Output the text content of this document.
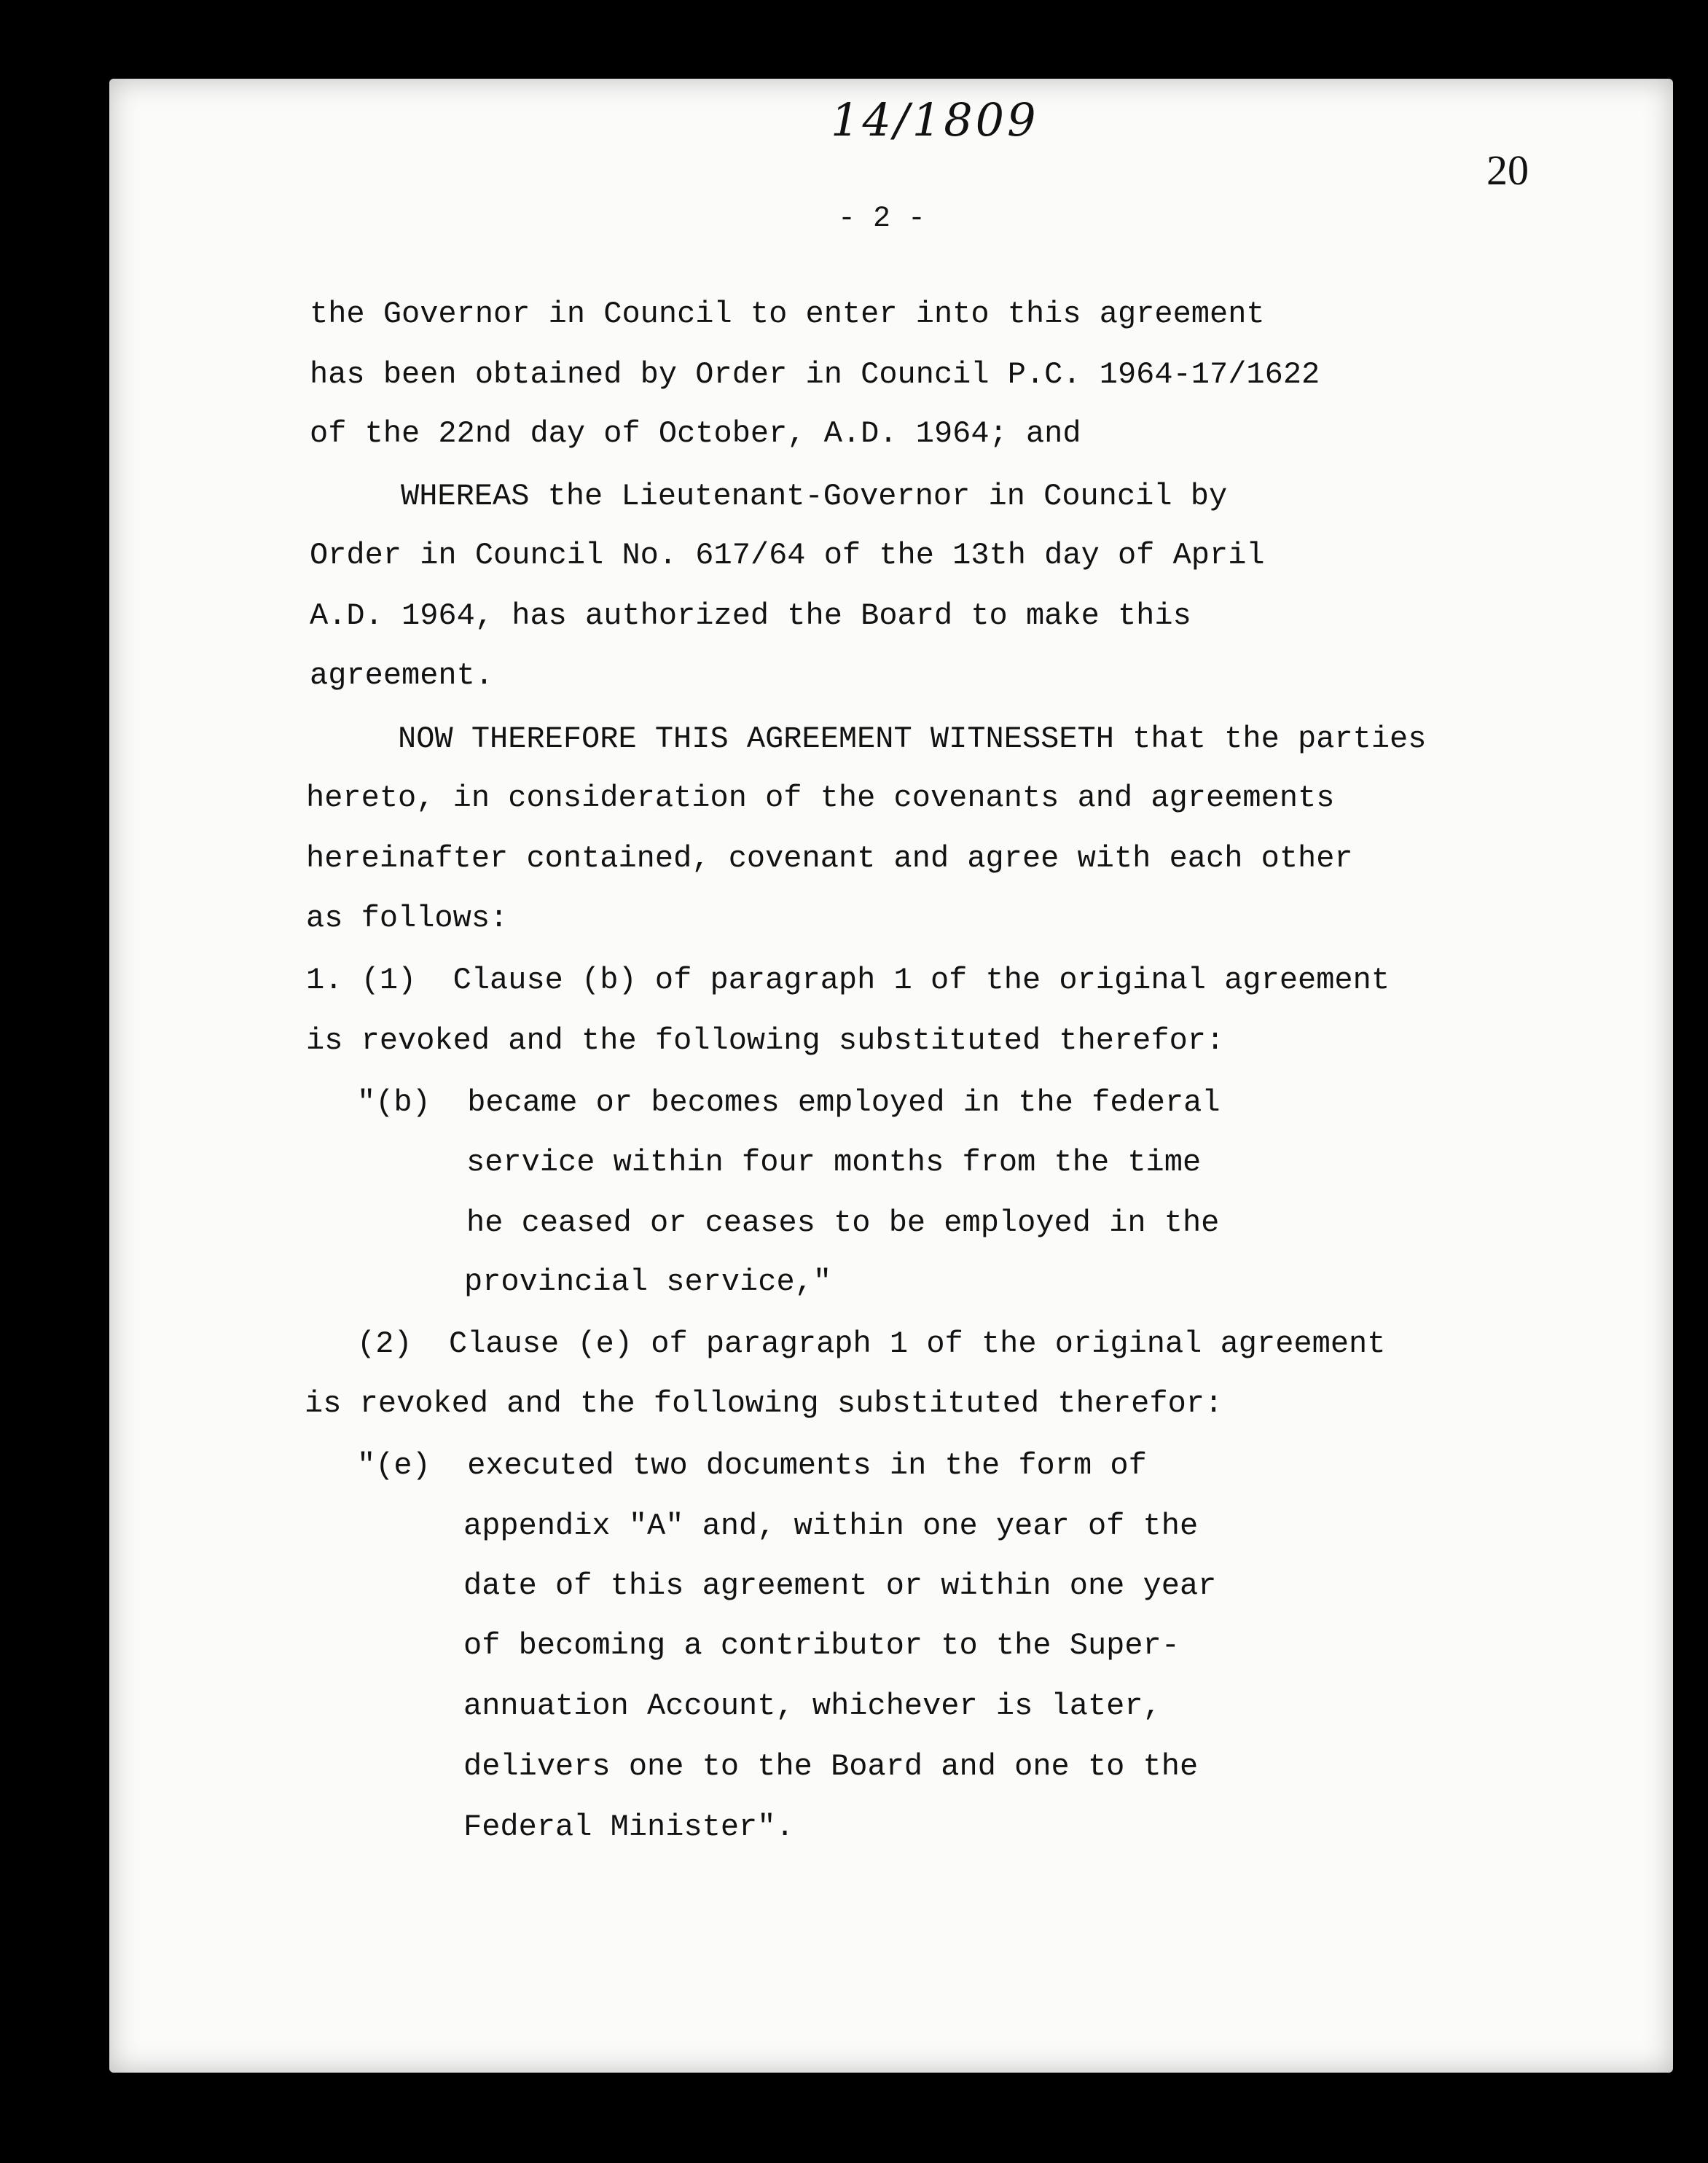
14/1809
20
- 2 -

the Governor in Council to enter into this agreement

has been obtained by Order in Council P.C. 1964-17/1622

of the 22nd day of October, A.D. 1964; and

WHEREAS the Lieutenant-Governor in Council by

Order in Council No. 617/64 of the 13th day of April

A.D. 1964, has authorized the Board to make this

agreement.

NOW THEREFORE THIS AGREEMENT WITNESSETH that the parties

hereto, in consideration of the covenants and agreements

hereinafter contained, covenant and agree with each other

as follows:

1. (1)  Clause (b) of paragraph 1 of the original agreement

is revoked and the following substituted therefor:

"(b)  became or becomes employed in the federal

service within four months from the time

he ceased or ceases to be employed in the

provincial service,"

(2)  Clause (e) of paragraph 1 of the original agreement

is revoked and the following substituted therefor:

"(e)  executed two documents in the form of

appendix "A" and, within one year of the

date of this agreement or within one year

of becoming a contributor to the Super-

annuation Account, whichever is later,

delivers one to the Board and one to the

Federal Minister".
